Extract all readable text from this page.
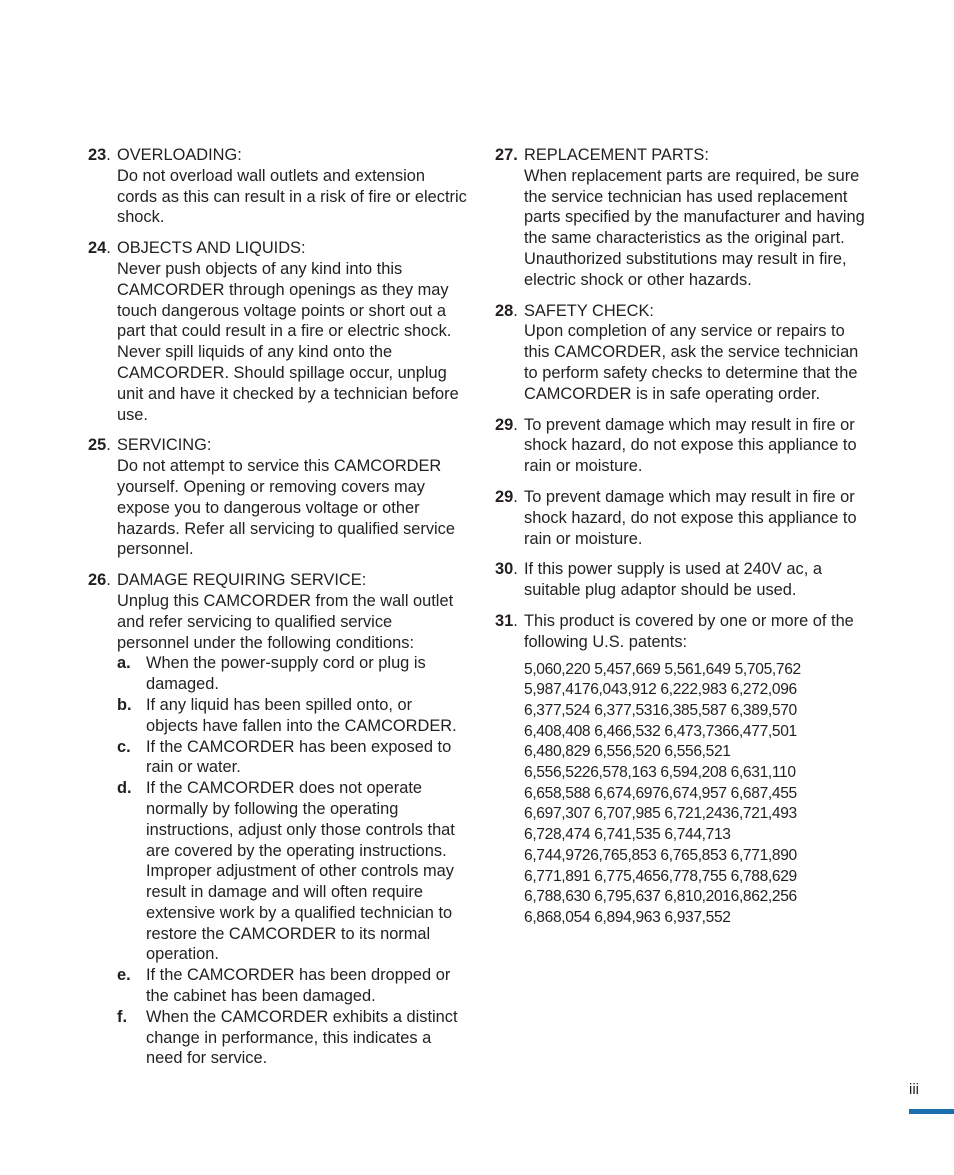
23. OVERLOADING:
Do not overload wall outlets and extension cords as this can result in a risk of fire or electric shock.
24. OBJECTS AND LIQUIDS:
Never push objects of any kind into this CAMCORDER through openings as they may touch dangerous voltage points or short out a part that could result in a fire or electric shock. Never spill liquids of any kind onto the CAMCORDER. Should spillage occur, unplug unit and have it checked by a technician before use.
25. SERVICING:
Do not attempt to service this CAMCORDER yourself. Opening or removing covers may expose you to dangerous voltage or other hazards. Refer all servicing to qualified service personnel.
26. DAMAGE REQUIRING SERVICE:
Unplug this CAMCORDER from the wall outlet and refer servicing to qualified service personnel under the following conditions:
a. When the power-supply cord or plug is damaged.
b. If any liquid has been spilled onto, or objects have fallen into the CAMCORDER.
c. If the CAMCORDER has been exposed to rain or water.
d. If the CAMCORDER does not operate normally by following the operating instructions, adjust only those controls that are covered by the operating instructions. Improper adjustment of other controls may result in damage and will often require extensive work by a qualified technician to restore the CAMCORDER to its normal operation.
e. If the CAMCORDER has been dropped or the cabinet has been damaged.
f. When the CAMCORDER exhibits a distinct change in performance, this indicates a need for service.
27. REPLACEMENT PARTS:
When replacement parts are required, be sure the service technician has used replacement parts specified by the manufacturer and having the same characteristics as the original part. Unauthorized substitutions may result in fire, electric shock or other hazards.
28. SAFETY CHECK:
Upon completion of any service or repairs to this CAMCORDER, ask the service technician to perform safety checks to determine that the CAMCORDER is in safe operating order.
29. To prevent damage which may result in fire or shock hazard, do not expose this appliance to rain or moisture.
29. To prevent damage which may result in fire or shock hazard, do not expose this appliance to rain or moisture.
30. If this power supply is used at 240V ac, a suitable plug adaptor should be used.
31. This product is covered by one or more of the following U.S. patents:
5,060,220 5,457,669 5,561,649 5,705,762
5,987,4176,043,912 6,222,983 6,272,096
6,377,524 6,377,5316,385,587 6,389,570
6,408,408 6,466,532 6,473,7366,477,501
6,480,829 6,556,520 6,556,521
6,556,5226,578,163 6,594,208 6,631,110
6,658,588 6,674,6976,674,957 6,687,455
6,697,307 6,707,985 6,721,2436,721,493
6,728,474 6,741,535 6,744,713
6,744,9726,765,853 6,765,853 6,771,890
6,771,891 6,775,4656,778,755 6,788,629
6,788,630 6,795,637 6,810,2016,862,256
6,868,054 6,894,963 6,937,552
iii
